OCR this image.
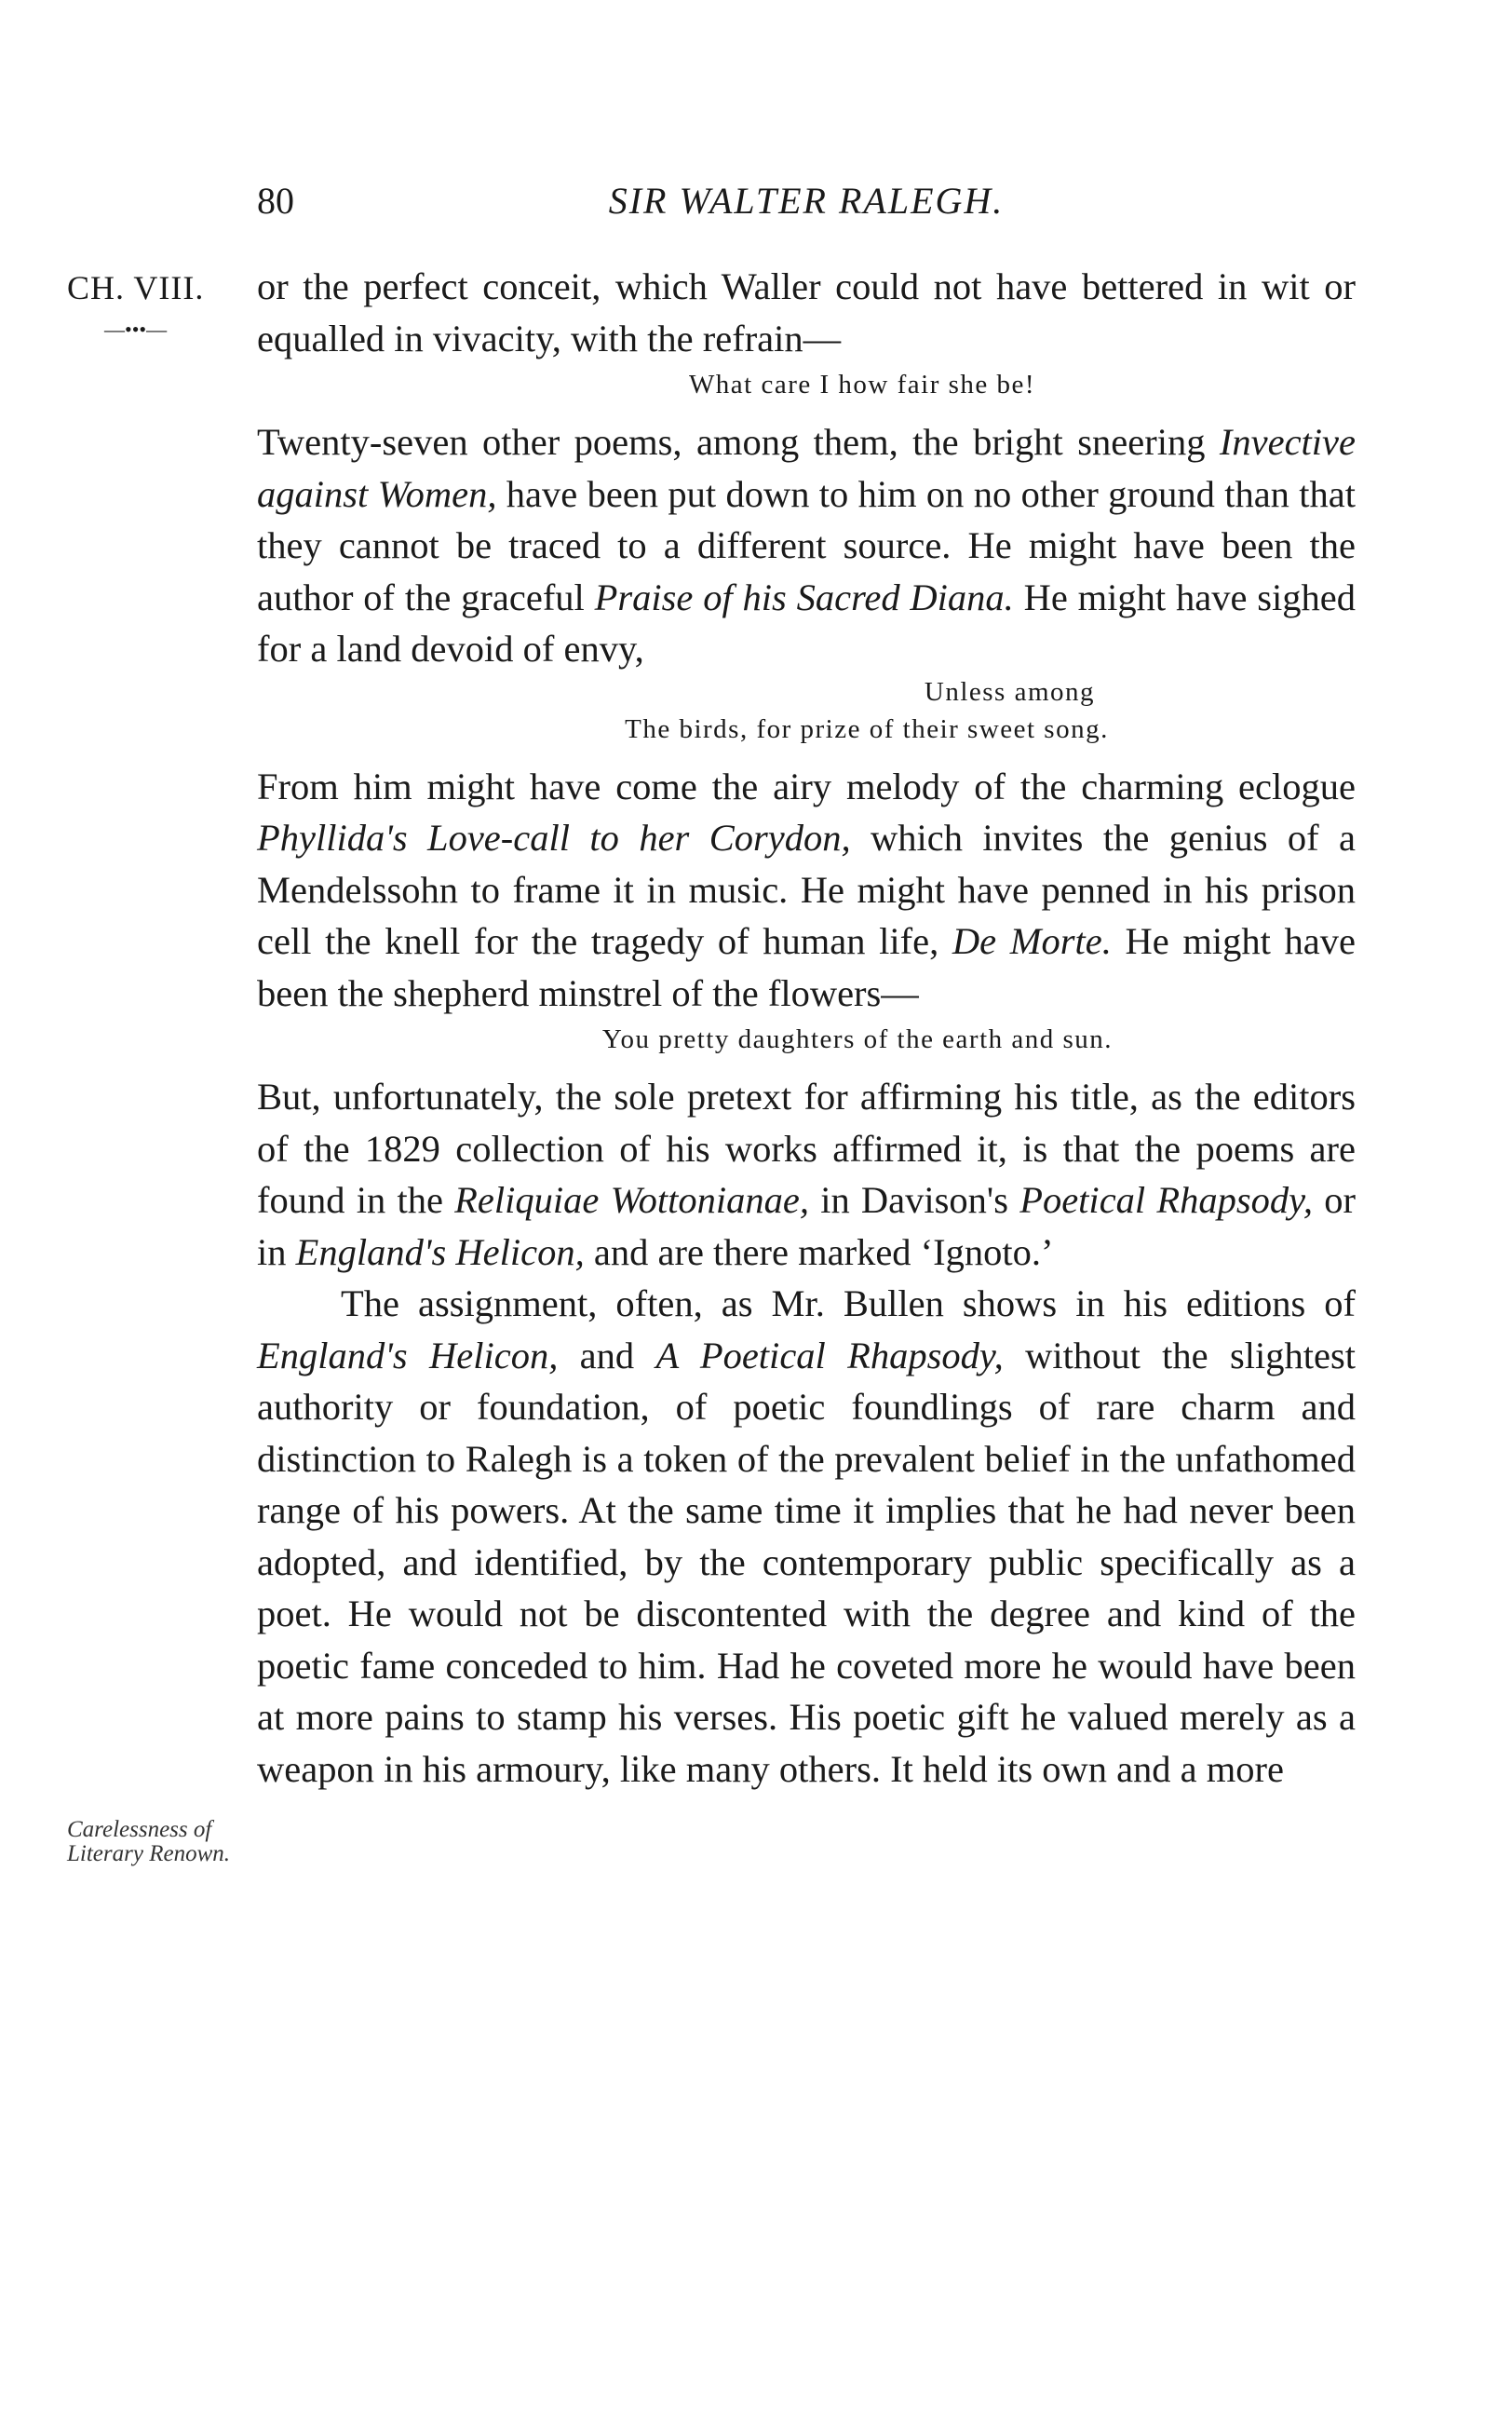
80	SIR WALTER RALEGH.
CH. VIII.
—•••—
Carelessness of Literary Renown.

or the perfect conceit, which Waller could not have bettered in wit or equalled in vivacity, with the refrain—

What care I how fair she be!

Twenty-seven other poems, among them, the bright sneering Invective against Women, have been put down to him on no other ground than that they cannot be traced to a different source. He might have been the author of the graceful Praise of his Sacred Diana. He might have sighed for a land devoid of envy,

Unless among
The birds, for prize of their sweet song.

From him might have come the airy melody of the charming eclogue Phyllida's Love-call to her Corydon, which invites the genius of a Mendelssohn to frame it in music. He might have penned in his prison cell the knell for the tragedy of human life, De Morte. He might have been the shepherd minstrel of the flowers—

You pretty daughters of the earth and sun.

But, unfortunately, the sole pretext for affirming his title, as the editors of the 1829 collection of his works affirmed it, is that the poems are found in the Reliquiae Wottonianae, in Davison's Poetical Rhapsody, or in England's Helicon, and are there marked ‘Ignoto.’

The assignment, often, as Mr. Bullen shows in his editions of England's Helicon, and A Poetical Rhapsody, without the slightest authority or foundation, of poetic foundlings of rare charm and distinction to Ralegh is a token of the prevalent belief in the unfathomed range of his powers. At the same time it implies that he had never been adopted, and identified, by the contemporary public specifically as a poet. He would not be discontented with the degree and kind of the poetic fame conceded to him. Had he coveted more he would have been at more pains to stamp his verses. His poetic gift he valued merely as a weapon in his armoury, like many others. It held its own and a more
